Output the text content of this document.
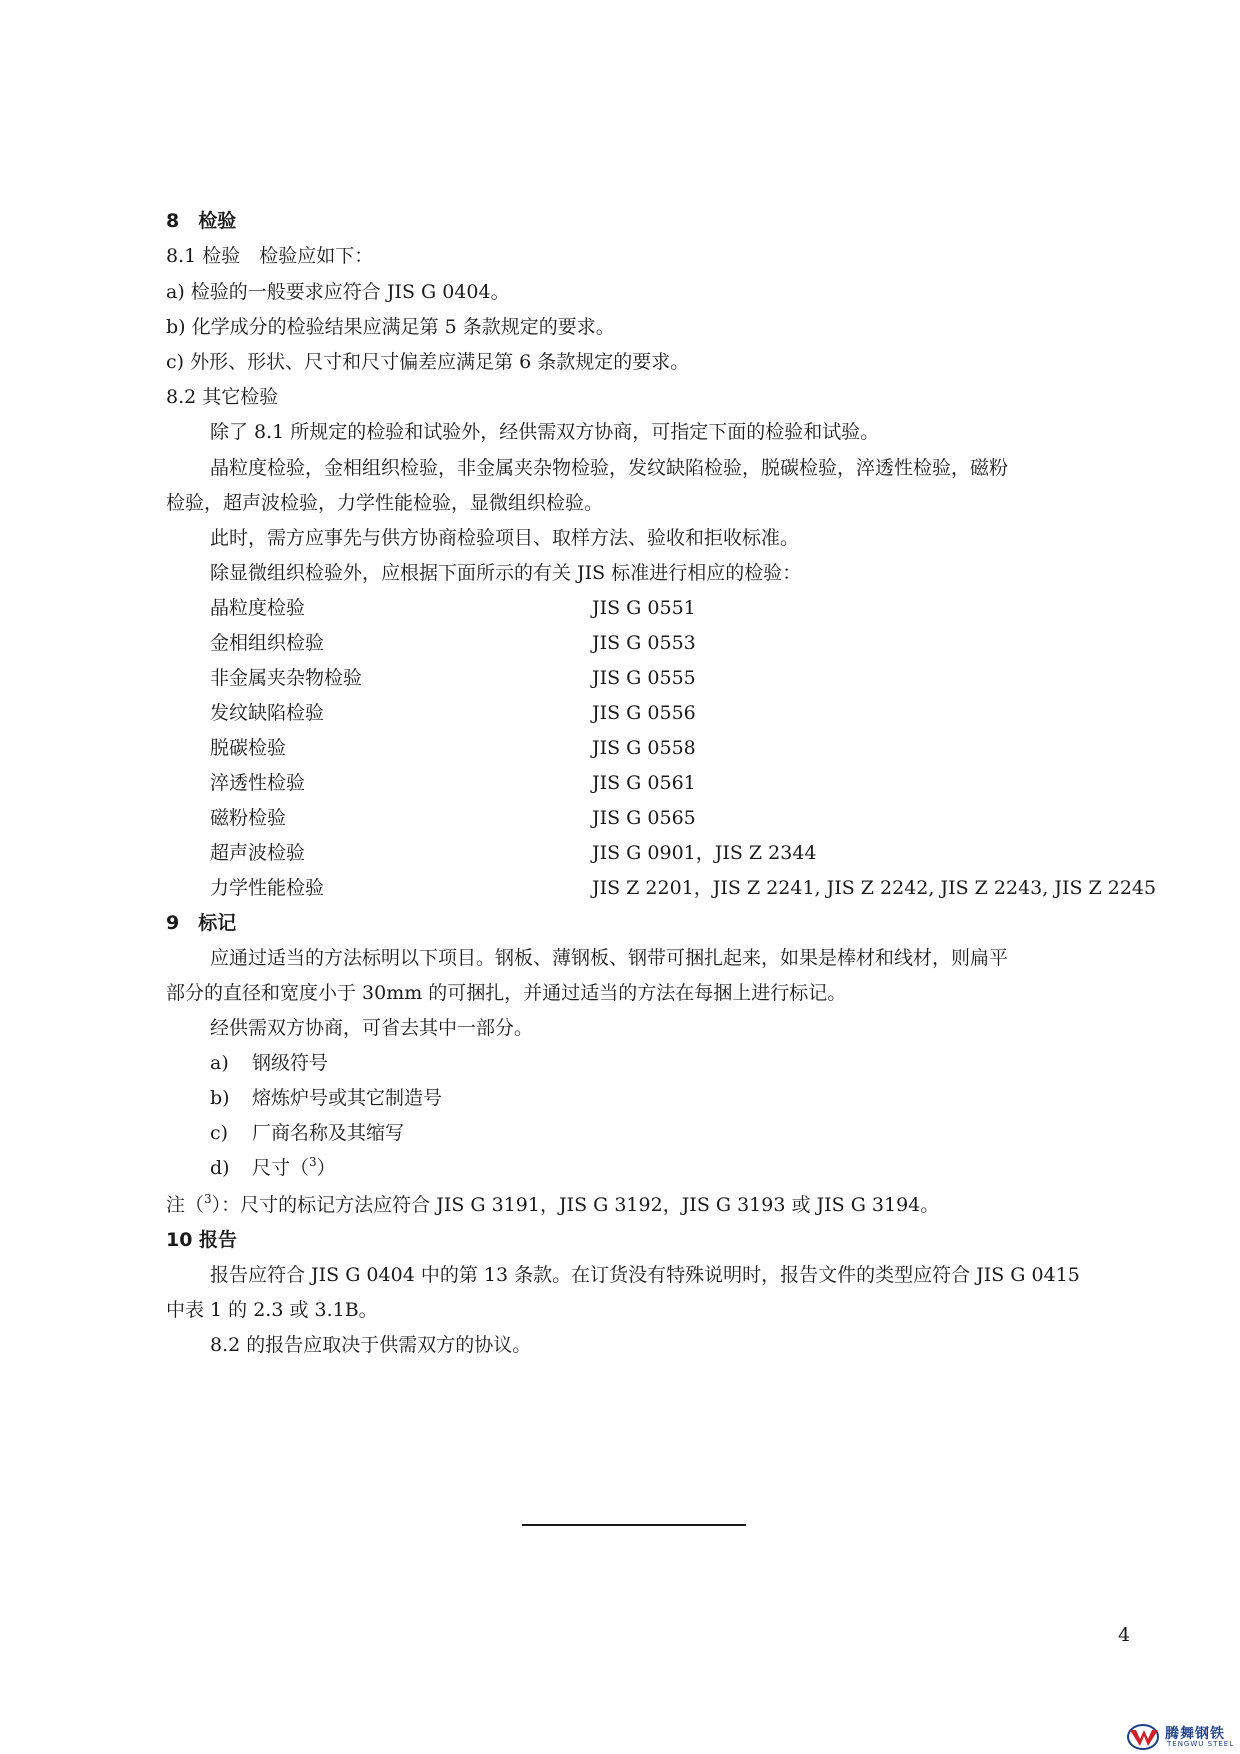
8　检验
8.1 检验　检验应如下：
a) 检验的一般要求应符合 JIS G 0404。
b) 化学成分的检验结果应满足第 5 条款规定的要求。
c) 外形、形状、尺寸和尺寸偏差应满足第 6 条款规定的要求。
8.2 其它检验
除了 8.1 所规定的检验和试验外，经供需双方协商，可指定下面的检验和试验。
晶粒度检验，金相组织检验，非金属夹杂物检验，发纹缺陷检验，脱碳检验，淬透性检验，磁粉
检验，超声波检验，力学性能检验，显微组织检验。
此时，需方应事先与供方协商检验项目、取样方法、验收和拒收标准。
除显微组织检验外，应根据下面所示的有关 JIS 标准进行相应的检验：
晶粒度检验	JIS G 0551
金相组织检验	JIS G 0553
非金属夹杂物检验	JIS G 0555
发纹缺陷检验	JIS G 0556
脱碳检验	JIS G 0558
淬透性检验	JIS G 0561
磁粉检验	JIS G 0565
超声波检验	JIS G 0901，JIS Z 2344
力学性能检验	JIS Z 2201，JIS Z 2241, JIS Z 2242, JIS Z 2243, JIS Z 2245
9　标记
应通过适当的方法标明以下项目。钢板、薄钢板、钢带可捆扎起来，如果是棒材和线材，则扁平
部分的直径和宽度小于 30mm 的可捆扎，并通过适当的方法在每捆上进行标记。
经供需双方协商，可省去其中一部分。
a)	钢级符号
b)	熔炼炉号或其它制造号
c)	厂商名称及其缩写
d)	尺寸（$^3$）
注（$^3$）：尺寸的标记方法应符合 JIS G 3191，JIS G 3192，JIS G 3193 或 JIS G 3194。
10 报告
报告应符合 JIS G 0404 中的第 13 条款。在订货没有特殊说明时，报告文件的类型应符合 JIS G 0415
中表 1 的 2.3 或 3.1B。
8.2 的报告应取决于供需双方的协议。
4
腾舞钢铁
TENGWU STEEL
